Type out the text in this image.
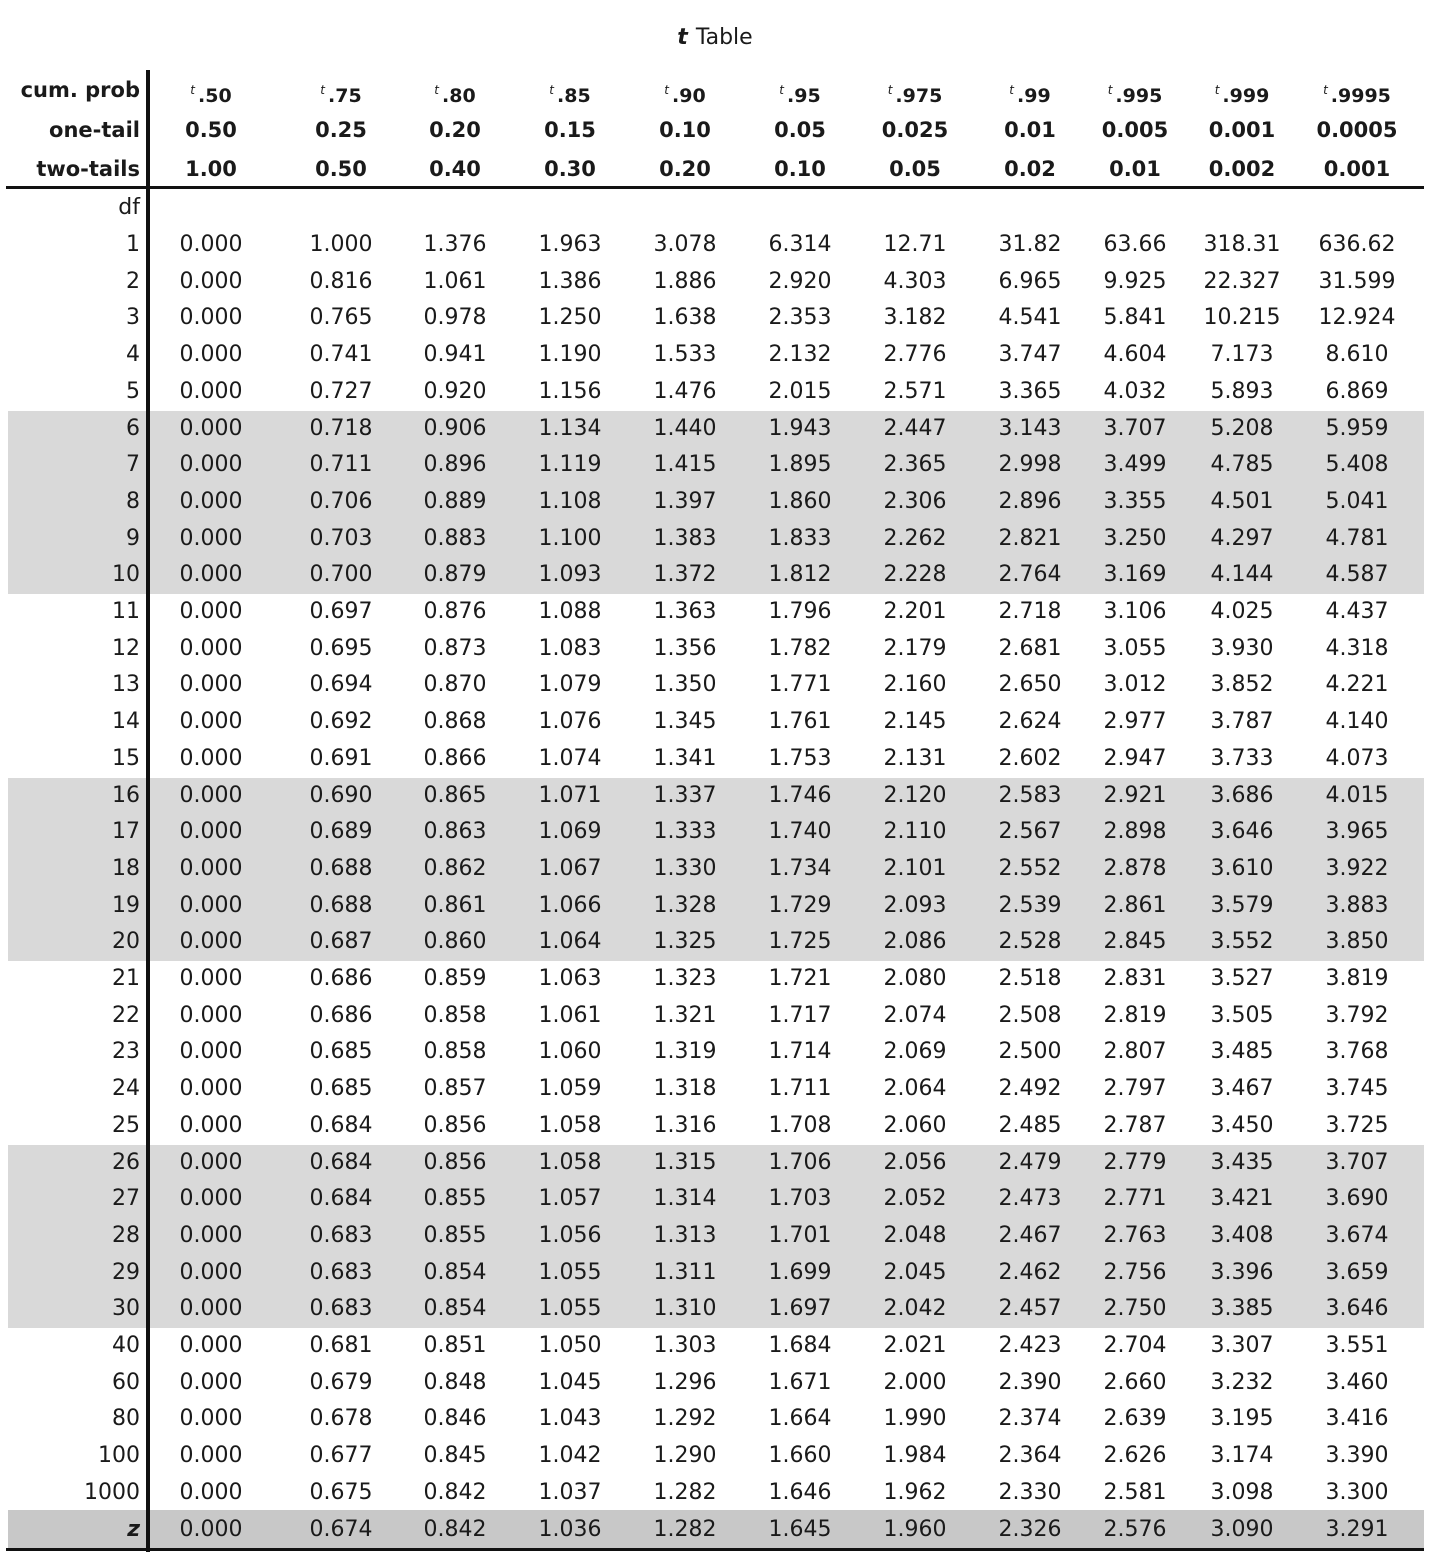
t Table
cum. prob	$^t$ .50	$^t$ .75	$^t$ .80	$^t$ .85	$^t$ .90	$^t$ .95	$^t$ .975	$^t$ .99	$^t$ .995	$^t$ .999	$^t$ .9995
one-tail	0.50	0.25	0.20	0.15	0.10	0.05	0.025	0.01	0.005	0.001	0.0005
two-tails	1.00	0.50	0.40	0.30	0.20	0.10	0.05	0.02	0.01	0.002	0.001
df
1	0.000	1.000	1.376	1.963	3.078	6.314	12.71	31.82	63.66	318.31	636.62
2	0.000	0.816	1.061	1.386	1.886	2.920	4.303	6.965	9.925	22.327	31.599
3	0.000	0.765	0.978	1.250	1.638	2.353	3.182	4.541	5.841	10.215	12.924
4	0.000	0.741	0.941	1.190	1.533	2.132	2.776	3.747	4.604	7.173	8.610
5	0.000	0.727	0.920	1.156	1.476	2.015	2.571	3.365	4.032	5.893	6.869
6	0.000	0.718	0.906	1.134	1.440	1.943	2.447	3.143	3.707	5.208	5.959
7	0.000	0.711	0.896	1.119	1.415	1.895	2.365	2.998	3.499	4.785	5.408
8	0.000	0.706	0.889	1.108	1.397	1.860	2.306	2.896	3.355	4.501	5.041
9	0.000	0.703	0.883	1.100	1.383	1.833	2.262	2.821	3.250	4.297	4.781
10	0.000	0.700	0.879	1.093	1.372	1.812	2.228	2.764	3.169	4.144	4.587
11	0.000	0.697	0.876	1.088	1.363	1.796	2.201	2.718	3.106	4.025	4.437
12	0.000	0.695	0.873	1.083	1.356	1.782	2.179	2.681	3.055	3.930	4.318
13	0.000	0.694	0.870	1.079	1.350	1.771	2.160	2.650	3.012	3.852	4.221
14	0.000	0.692	0.868	1.076	1.345	1.761	2.145	2.624	2.977	3.787	4.140
15	0.000	0.691	0.866	1.074	1.341	1.753	2.131	2.602	2.947	3.733	4.073
16	0.000	0.690	0.865	1.071	1.337	1.746	2.120	2.583	2.921	3.686	4.015
17	0.000	0.689	0.863	1.069	1.333	1.740	2.110	2.567	2.898	3.646	3.965
18	0.000	0.688	0.862	1.067	1.330	1.734	2.101	2.552	2.878	3.610	3.922
19	0.000	0.688	0.861	1.066	1.328	1.729	2.093	2.539	2.861	3.579	3.883
20	0.000	0.687	0.860	1.064	1.325	1.725	2.086	2.528	2.845	3.552	3.850
21	0.000	0.686	0.859	1.063	1.323	1.721	2.080	2.518	2.831	3.527	3.819
22	0.000	0.686	0.858	1.061	1.321	1.717	2.074	2.508	2.819	3.505	3.792
23	0.000	0.685	0.858	1.060	1.319	1.714	2.069	2.500	2.807	3.485	3.768
24	0.000	0.685	0.857	1.059	1.318	1.711	2.064	2.492	2.797	3.467	3.745
25	0.000	0.684	0.856	1.058	1.316	1.708	2.060	2.485	2.787	3.450	3.725
26	0.000	0.684	0.856	1.058	1.315	1.706	2.056	2.479	2.779	3.435	3.707
27	0.000	0.684	0.855	1.057	1.314	1.703	2.052	2.473	2.771	3.421	3.690
28	0.000	0.683	0.855	1.056	1.313	1.701	2.048	2.467	2.763	3.408	3.674
29	0.000	0.683	0.854	1.055	1.311	1.699	2.045	2.462	2.756	3.396	3.659
30	0.000	0.683	0.854	1.055	1.310	1.697	2.042	2.457	2.750	3.385	3.646
40	0.000	0.681	0.851	1.050	1.303	1.684	2.021	2.423	2.704	3.307	3.551
60	0.000	0.679	0.848	1.045	1.296	1.671	2.000	2.390	2.660	3.232	3.460
80	0.000	0.678	0.846	1.043	1.292	1.664	1.990	2.374	2.639	3.195	3.416
100	0.000	0.677	0.845	1.042	1.290	1.660	1.984	2.364	2.626	3.174	3.390
1000	0.000	0.675	0.842	1.037	1.282	1.646	1.962	2.330	2.581	3.098	3.300
z	0.000	0.674	0.842	1.036	1.282	1.645	1.960	2.326	2.576	3.090	3.291
